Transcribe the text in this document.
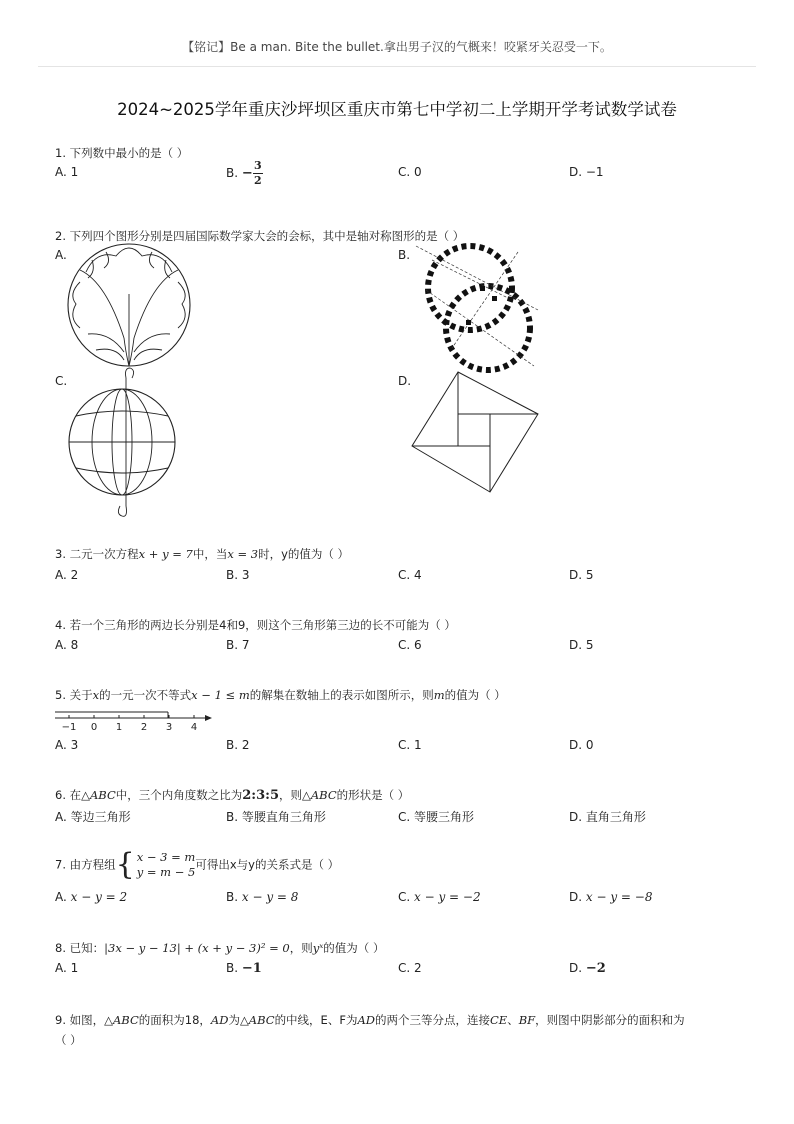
【铭记】Be a man. Bite the bullet.拿出男子汉的气概来！咬紧牙关忍受一下。
2024~2025学年重庆沙坪坝区重庆市第七中学初二上学期开学考试数学试卷
1. 下列数中最小的是（ ）
A. 1	B. − $\frac{3}{2}$	C. 0	D. −1
2. 下列四个图形分别是四届国际数学家大会的会标，其中是轴对称图形的是（ ）
A.	B.
C.	D.
3. 二元一次方程x + y = 7中，当x = 3时，y的值为（ ）
A. 2	B. 3	C. 4	D. 5
4. 若一个三角形的两边长分别是4和9，则这个三角形第三边的长不可能为（ ）
A. 8	B. 7	C. 6	D. 5
5. 关于x的一元一次不等式x − 1 ≤ m的解集在数轴上的表示如图所示，则m的值为（ ）
−1 0 1 2 3 4
A. 3	B. 2	C. 1	D. 0
6. 在△ABC中，三个内角度数之比为2:3:5，则△ABC的形状是（ ）
A. 等边三角形	B. 等腰直角三角形	C. 等腰三角形	D. 直角三角形
7. 由方程组 { x − 3 = m
y = m − 5
可得出x与y的关系式是（ ）
A. x − y = 2	B. x − y = 8	C. x − y = −2	D. x − y = −8
8. 已知：|3x − y − 13| + (x + y − 3)² = 0，则yˣ的值为（ ）
A. 1	B. −1	C. 2	D. −2
9. 如图，△ABC的面积为18，AD为△ABC的中线，E、F为AD的两个三等分点，连接CE、BF，则图中阴影部分的面积和为
（ ）
